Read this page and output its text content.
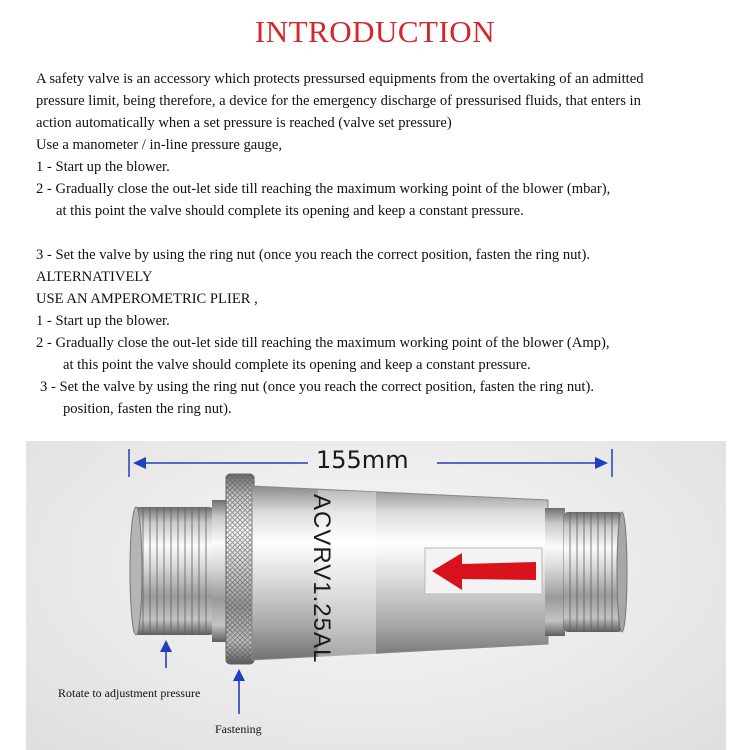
INTRODUCTION
A safety valve is an accessory which protects pressursed equipments from the overtaking of an admitted
pressure limit, being therefore, a device for the emergency discharge of pressurised fluids, that enters in
action automatically when a set pressure is reached (valve set pressure)
Use a manometer / in-line pressure gauge,
1 - Start up the blower.
2 - Gradually close the out-let side till reaching the maximum working point of the blower (mbar),
at this point the valve should complete its opening and keep a constant pressure.
3 - Set the valve by using the ring nut (once you reach the correct position, fasten the ring nut).
ALTERNATIVELY
USE AN AMPEROMETRIC PLIER ,
1 - Start up the blower.
2 - Gradually close the out-let side till reaching the maximum working point of the blower (Amp),
at this point the valve should complete its opening and keep a constant pressure.
3 - Set the valve by using the ring nut (once you reach the correct position, fasten the ring nut).
position, fasten the ring nut).
ACVRV1.25AL
155mm
Rotate to adjustment pressure
Fastening
